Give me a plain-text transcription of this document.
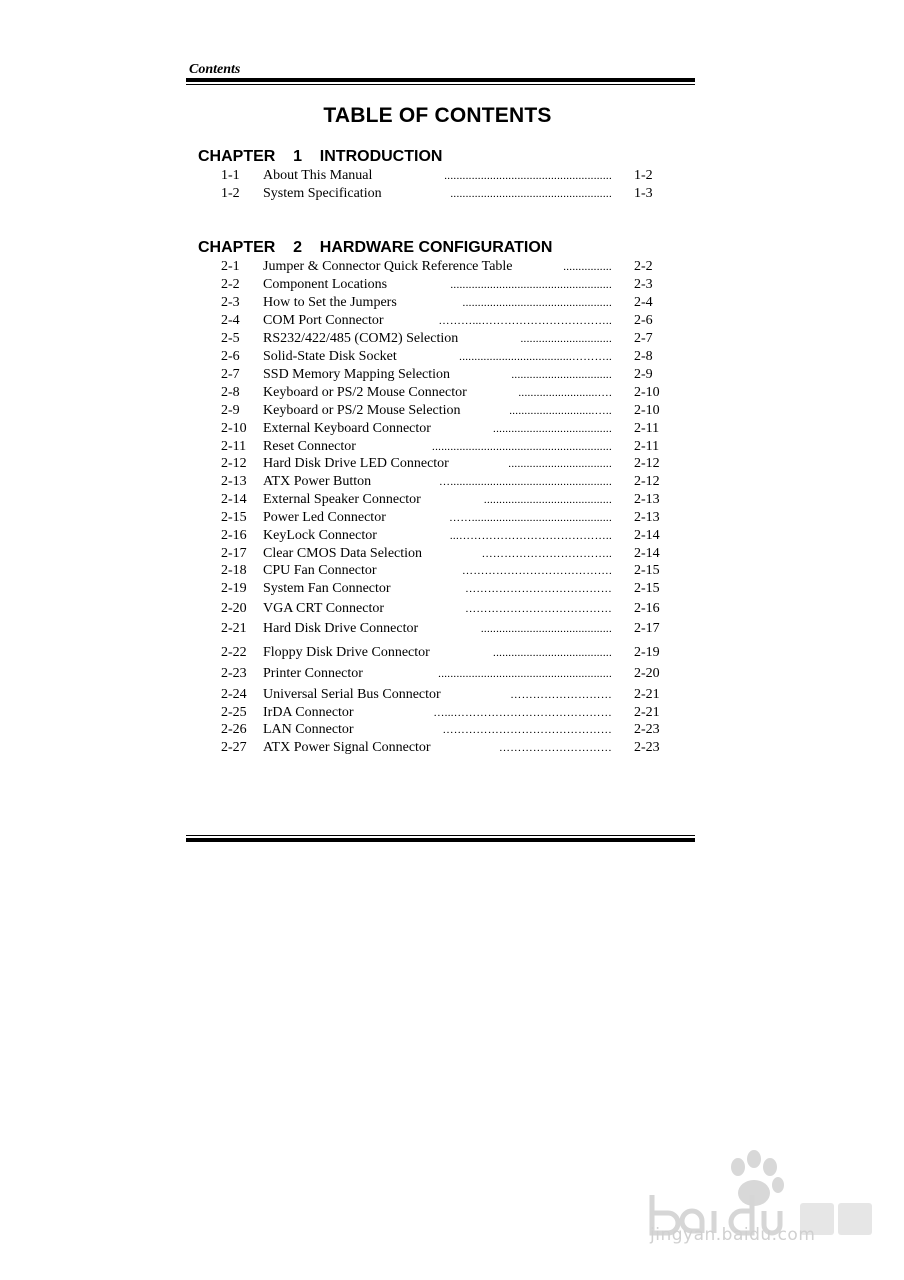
Contents
TABLE OF CONTENTS
CHAPTER    1    INTRODUCTION
1-1 About This Manual	....................................................... 1-2
1-2 System Specification	..................................................... 1-3
CHAPTER    2    HARDWARE CONFIGURATION
2-1 Jumper & Connector Quick Reference Table	................ 2-2
2-2 Component Locations	..................................................... 2-3
2-3 How to Set the Jumpers	................................................. 2-4
2-4 COM Port Connector	………...…………………………….. 2-6
2-5 RS232/422/485 (COM2) Selection	.............................. 2-7
2-6 Solid-State Disk Socket	.....................................……….. 2-8
2-7 SSD Memory Mapping Selection	................................. 2-9
2-8 Keyboard or PS/2 Mouse Connector	..........................…. 2-10
2-9 Keyboard or PS/2 Mouse Selection	............................….. 2-10
2-10 External Keyboard Connector	....................................... 2-11
2-11 Reset Connector	........................................................... 2-11
2-12 Hard Disk Drive LED Connector	.................................. 2-12
2-13 ATX Power Button	…..................................................... 2-12
2-14 External Speaker Connector	.......................................... 2-13
2-15 Power Led Connector	…….............................................. 2-13
2-16 KeyLock Connector	...………………………………….. 2-14
2-17 Clear CMOS Data Selection	…………………………….. 2-14
2-18 CPU Fan Connector	…………………………………. 2-15
2-19 System Fan Connector	………………………………… 2-15
2-20 VGA CRT Connector	………………………………… 2-16
2-21 Hard Disk Drive Connector	........................................... 2-17
2-22 Floppy Disk Drive Connector	....................................... 2-19
2-23 Printer Connector	......................................................... 2-20
2-24 Universal Serial Bus Connector	……………………… 2-21
2-25 IrDA Connector	…...…………………………………… 2-21
2-26 LAN Connector	……………………………………… 2-23
2-27 ATX Power Signal Connector	………………………… 2-23
jingyan.baidu.com
